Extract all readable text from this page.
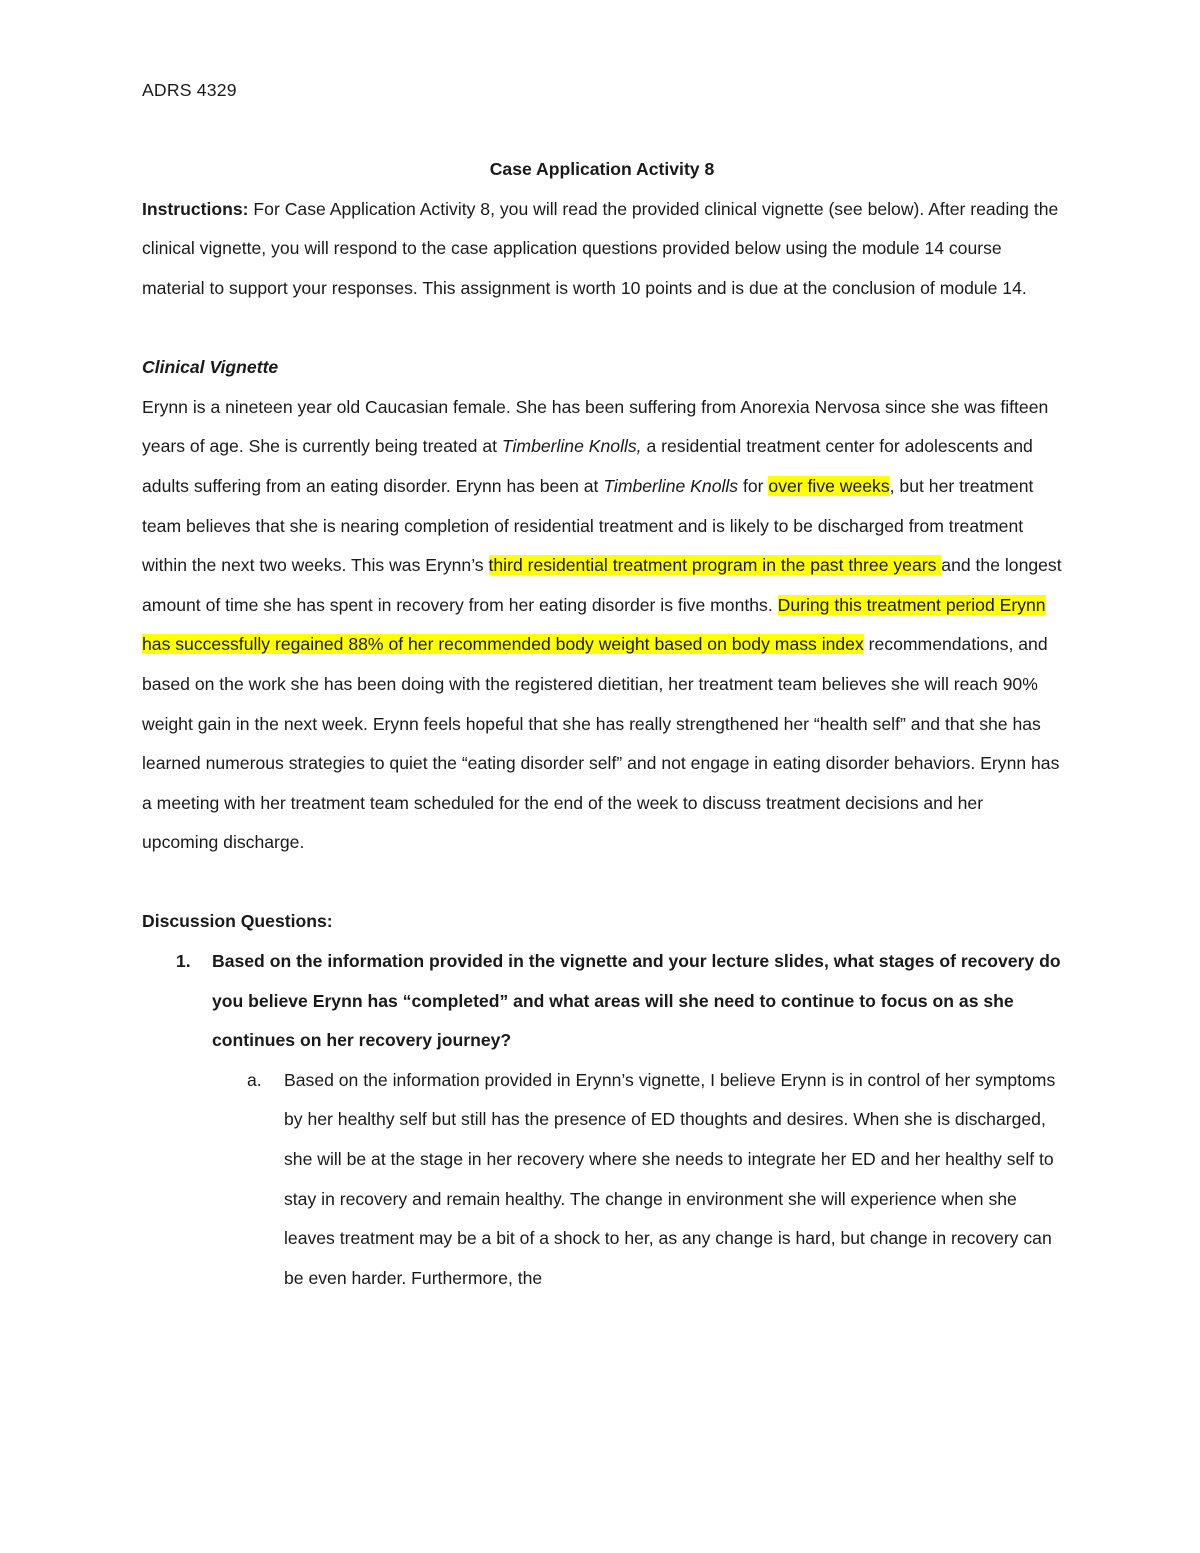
ADRS 4329

Case Application Activity 8

Instructions: For Case Application Activity 8, you will read the provided clinical vignette (see below). After reading the clinical vignette, you will respond to the case application questions provided below using the module 14 course material to support your responses. This assignment is worth 10 points and is due at the conclusion of module 14.

Clinical Vignette

Erynn is a nineteen year old Caucasian female. She has been suffering from Anorexia Nervosa since she was fifteen years of age. She is currently being treated at Timberline Knolls, a residential treatment center for adolescents and adults suffering from an eating disorder. Erynn has been at Timberline Knolls for over five weeks, but her treatment team believes that she is nearing completion of residential treatment and is likely to be discharged from treatment within the next two weeks. This was Erynn’s third residential treatment program in the past three years and the longest amount of time she has spent in recovery from her eating disorder is five months. During this treatment period Erynn has successfully regained 88% of her recommended body weight based on body mass index recommendations, and based on the work she has been doing with the registered dietitian, her treatment team believes she will reach 90% weight gain in the next week. Erynn feels hopeful that she has really strengthened her “health self” and that she has learned numerous strategies to quiet the “eating disorder self” and not engage in eating disorder behaviors. Erynn has a meeting with her treatment team scheduled for the end of the week to discuss treatment decisions and her upcoming discharge.

Discussion Questions:

1. Based on the information provided in the vignette and your lecture slides, what stages of recovery do you believe Erynn has “completed” and what areas will she need to continue to focus on as she continues on her recovery journey?
a. Based on the information provided in Erynn’s vignette, I believe Erynn is in control of her symptoms by her healthy self but still has the presence of ED thoughts and desires. When she is discharged, she will be at the stage in her recovery where she needs to integrate her ED and her healthy self to stay in recovery and remain healthy. The change in environment she will experience when she leaves treatment may be a bit of a shock to her, as any change is hard, but change in recovery can be even harder. Furthermore, the
